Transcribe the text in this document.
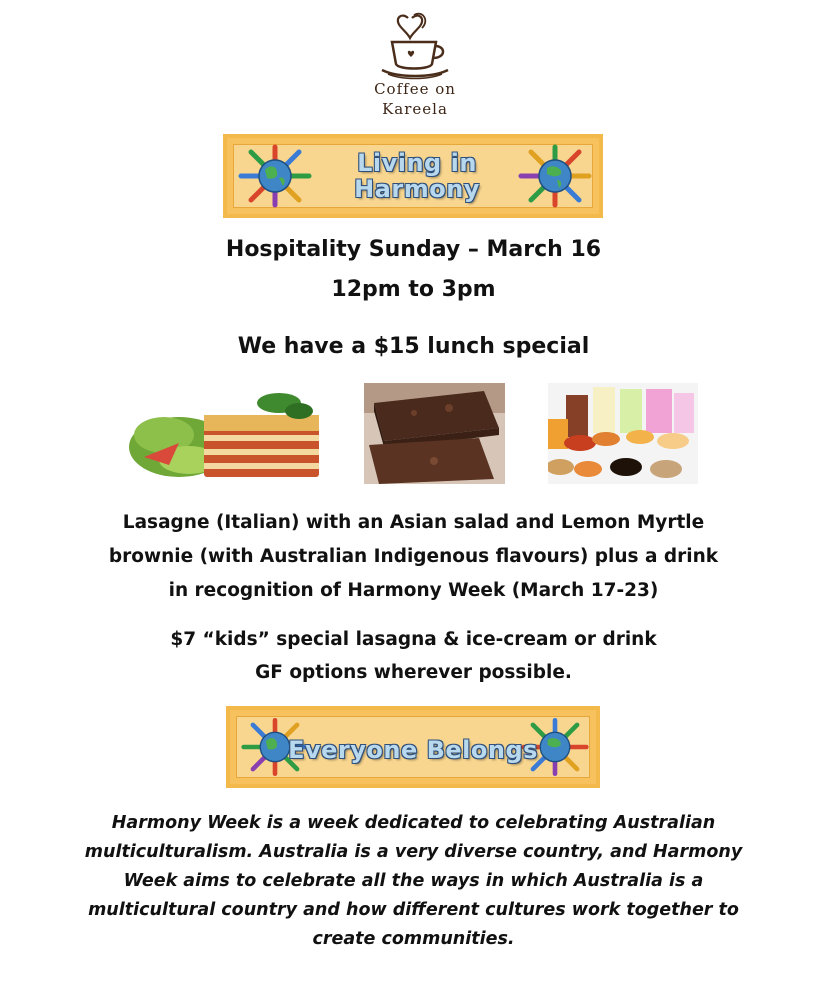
Coffee on
Kareela
Living in
Harmony
Hospitality Sunday – March 16
12pm to 3pm
We have a $15 lunch special
Lasagne (Italian) with an Asian salad and Lemon Myrtle
brownie (with Australian Indigenous flavours) plus a drink
in recognition of Harmony Week (March 17-23)
$7 “kids” special lasagna & ice-cream or drink
GF options wherever possible.
Everyone Belongs
Harmony Week is a week dedicated to celebrating Australian
multiculturalism. Australia is a very diverse country, and Harmony
Week aims to celebrate all the ways in which Australia is a
multicultural country and how different cultures work together to
create communities.
